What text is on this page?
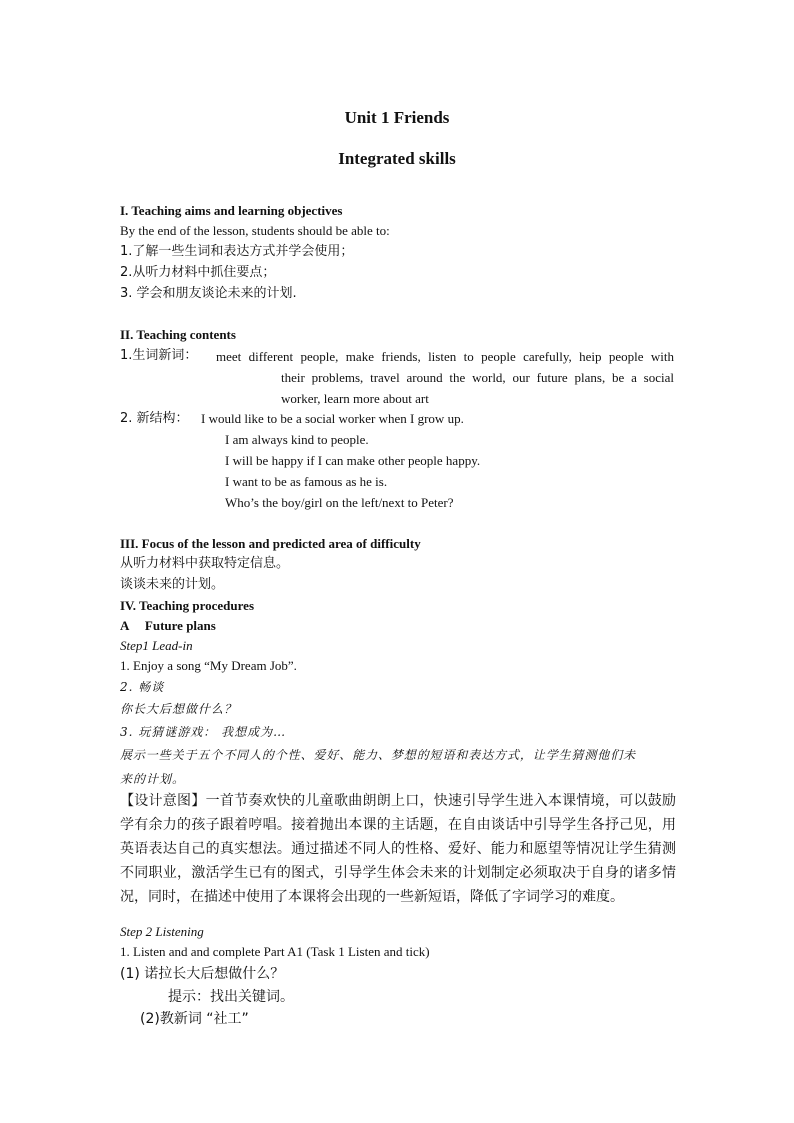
Unit 1 Friends
Integrated skills
I. Teaching aims and learning objectives
By the end of the lesson, students should be able to:
1.了解一些生词和表达方式并学会使用；
2.从听力材料中抓住要点；
3. 学会和朋友谈论未来的计划.
II. Teaching contents
1.生词新词： meet different people, make friends, listen to people carefully, heip people with
their problems, travel around the world, our future plans, be a social
worker, learn more about art
2. 新结构： I would like to be a social worker when I grow up.
I am always kind to people.
I will be happy if I can make other people happy.
I want to be as famous as he is.
Who’s the boy/girl on the left/next to Peter?
III. Focus of the lesson and predicted area of difficulty
从听力材料中获取特定信息。
谈谈未来的计划。
IV. Teaching procedures
A     Future plans
Step1 Lead-in
1. Enjoy a song “My Dream Job”.
2. 畅谈
你长大后想做什么？
3. 玩猜谜游戏： 我想成为…
展示一些关于五个不同人的个性、爱好、能力、梦想的短语和表达方式，让学生猜测他们未
来的计划。
【设计意图】一首节奏欢快的儿童歌曲朗朗上口，快速引导学生进入本课情境，可以鼓励学有余力的孩子跟着哼唱。接着抛出本课的主话题，在自由谈话中引导学生各抒己见，用英语表达自己的真实想法。通过描述不同人的性格、爱好、能力和愿望等情况让学生猜测不同职业，激活学生已有的图式，引导学生体会未来的计划制定必须取决于自身的诸多情况，同时，在描述中使用了本课将会出现的一些新短语，降低了字词学习的难度。
Step 2 Listening
1. Listen and and complete Part A1 (Task 1 Listen and tick)
(1) 诺拉长大后想做什么？
提示：找出关键词。
(2)教新词 “社工”
